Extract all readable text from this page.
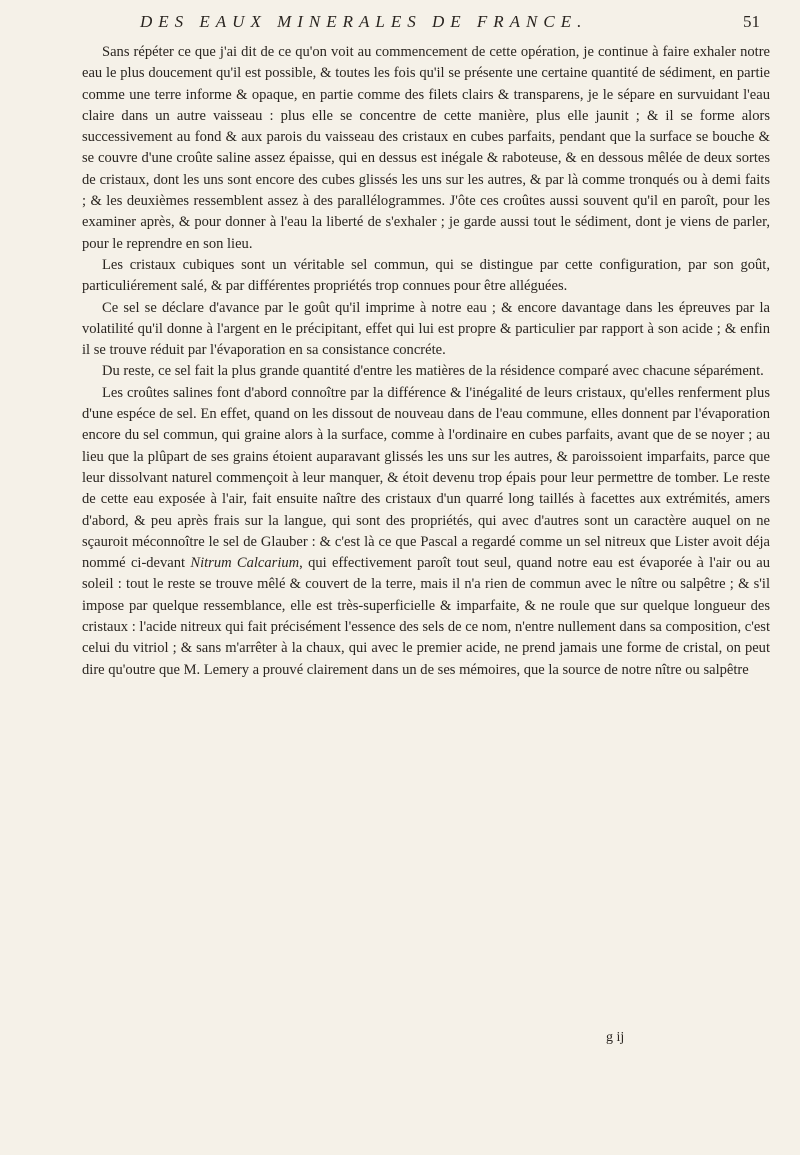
DES EAUX MINERALES DE FRANCE.	51

Sans répéter ce que j'ai dit de ce qu'on voit au commencement de cette opération, je continue à faire exhaler notre eau le plus doucement qu'il est possible, & toutes les fois qu'il se présente une certaine quantité de sédiment, en partie comme une terre informe & opaque, en partie comme des filets clairs & transparens, je le sépare en survuidant l'eau claire dans un autre vaisseau : plus elle se concentre de cette manière, plus elle jaunit ; & il se forme alors successivement au fond & aux parois du vaisseau des cristaux en cubes parfaits, pendant que la surface se bouche & se couvre d'une croûte saline assez épaisse, qui en dessus est inégale & raboteuse, & en dessous mêlée de deux sortes de cristaux, dont les uns sont encore des cubes glissés les uns sur les autres, & par là comme tronqués ou à demi faits ; & les deuxièmes ressemblent assez à des parallélogrammes. J'ôte ces croûtes aussi souvent qu'il en paroît, pour les examiner après, & pour donner à l'eau la liberté de s'exhaler ; je garde aussi tout le sédiment, dont je viens de parler, pour le reprendre en son lieu.

Les cristaux cubiques sont un véritable sel commun, qui se distingue par cette configuration, par son goût, particuliérement salé, & par différentes propriétés trop connues pour être alléguées.

Ce sel se déclare d'avance par le goût qu'il imprime à notre eau ; & encore davantage dans les épreuves par la volatilité qu'il donne à l'argent en le précipitant, effet qui lui est propre & particulier par rapport à son acide ; & enfin il se trouve réduit par l'évaporation en sa consistance concréte.

Du reste, ce sel fait la plus grande quantité d'entre les matières de la résidence comparé avec chacune séparément.

Les croûtes salines font d'abord connoître par la différence & l'inégalité de leurs cristaux, qu'elles renferment plus d'une espéce de sel. En effet, quand on les dissout de nouveau dans de l'eau commune, elles donnent par l'évaporation encore du sel commun, qui graine alors à la surface, comme à l'ordinaire en cubes parfaits, avant que de se noyer ; au lieu que la plûpart de ses grains étoient auparavant glissés les uns sur les autres, & paroissoient imparfaits, parce que leur dissolvant naturel commençoit à leur manquer, & étoit devenu trop épais pour leur permettre de tomber. Le reste de cette eau exposée à l'air, fait ensuite naître des cristaux d'un quarré long taillés à facettes aux extrémités, amers d'abord, & peu après frais sur la langue, qui sont des propriétés, qui avec d'autres sont un caractère auquel on ne sçauroit méconnoître le sel de Glauber : & c'est là ce que Pascal a regardé comme un sel nitreux que Lister avoit déja nommé ci-devant Nitrum Calcarium, qui effectivement paroît tout seul, quand notre eau est évaporée à l'air ou au soleil : tout le reste se trouve mêlé & couvert de la terre, mais il n'a rien de commun avec le nître ou salpêtre ; & s'il impose par quelque ressemblance, elle est très-superficielle & imparfaite, & ne roule que sur quelque longueur des cristaux : l'acide nitreux qui fait précisément l'essence des sels de ce nom, n'entre nullement dans sa composition, c'est celui du vitriol ; & sans m'arrêter à la chaux, qui avec le premier acide, ne prend jamais une forme de cristal, on peut dire qu'outre que M. Lemery a prouvé clairement dans un de ses mémoires, que la source de notre nître ou salpêtre

g ij
